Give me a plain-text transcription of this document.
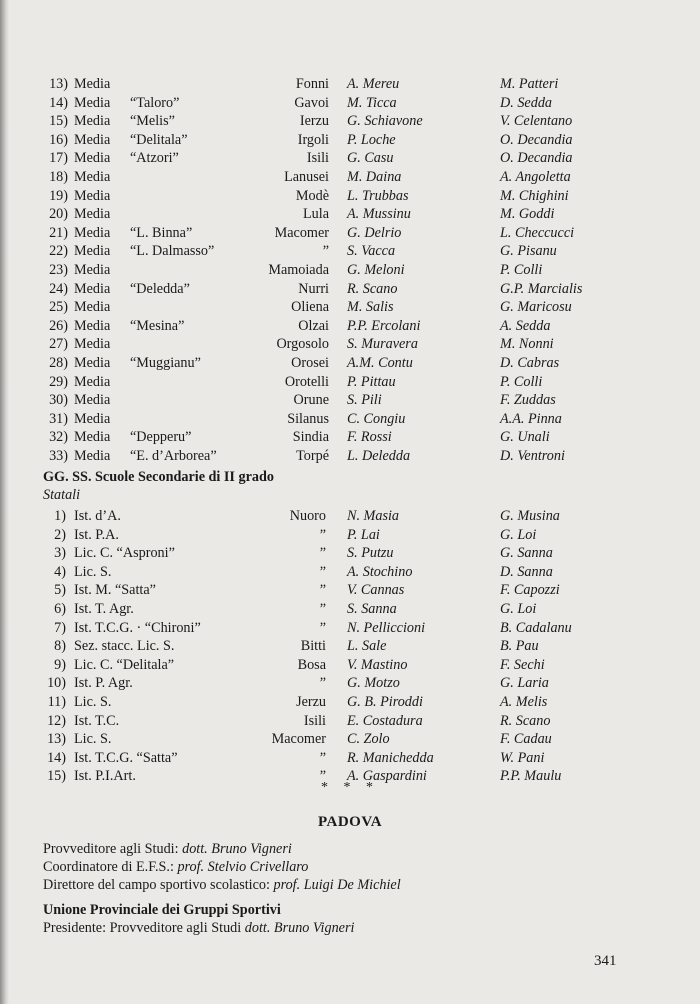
13) Media	Fonni A. Mereu	M. Patteri
14) Media “Taloro”	Gavoi M. Ticca	D. Sedda
15) Media “Melis”	Ierzu G. Schiavone	V. Celentano
16) Media “Delitala”	Irgoli P. Loche	O. Decandia
17) Media “Atzori”	Isili G. Casu	O. Decandia
18) Media	Lanusei M. Daina	A. Angoletta
19) Media	Modè L. Trubbas	M. Chighini
20) Media	Lula A. Mussinu	M. Goddi
21) Media “L. Binna”	Macomer G. Delrio	L. Checcucci
22) Media “L. Dalmasso”	” S. Vacca	G. Pisanu
23) Media	Mamoiada G. Meloni	P. Colli
24) Media “Deledda”	Nurri R. Scano	G.P. Marcialis
25) Media	Oliena M. Salis	G. Maricosu
26) Media “Mesina”	Olzai P.P. Ercolani	A. Sedda
27) Media	Orgosolo S. Muravera	M. Nonni
28) Media “Muggianu”	Orosei A.M. Contu	D. Cabras
29) Media	Orotelli P. Pittau	P. Colli
30) Media	Orune S. Pili	F. Zuddas
31) Media	Silanus C. Congiu	A.A. Pinna
32) Media “Depperu”	Sindia F. Rossi	G. Unali
33) Media “E. d’Arborea”	Torpé L. Deledda	D. Ventroni
1) Ist. d’A.	Nuoro N. Masia	G. Musina
2) Ist. P.A.	” P. Lai	G. Loi
3) Lic. C. “Asproni”	” S. Putzu	G. Sanna
4) Lic. S.	” A. Stochino	D. Sanna
5) Ist. M. “Satta”	” V. Cannas	F. Capozzi
6) Ist. T. Agr.	” S. Sanna	G. Loi
7) Ist. T.C.G. · “Chironi”	” N. Pelliccioni	B. Cadalanu
8) Sez. stacc. Lic. S.	Bitti L. Sale	B. Pau
9) Lic. C. “Delitala”	Bosa V. Mastino	F. Sechi
10) Ist. P. Agr.	” G. Motzo	G. Laria
11) Lic. S.	Jerzu G. B. Piroddi	A. Melis
12) Ist. T.C.	Isili E. Costadura	R. Scano
13) Lic. S.	Macomer C. Zolo	F. Cadau
14) Ist. T.C.G. “Satta”	” R. Manichedda	W. Pani
15) Ist. P.I.Art.	” A. Gaspardini	P.P. Maulu
GG. SS. Scuole Secondarie di II grado
Statali
* * *
PADOVA
Provveditore agli Studi: dott. Bruno Vigneri
Coordinatore di E.F.S.: prof. Stelvio Crivellaro
Direttore del campo sportivo scolastico: prof. Luigi De Michiel
Unione Provinciale dei Gruppi Sportivi
Presidente: Provveditore agli Studi dott. Bruno Vigneri
341
